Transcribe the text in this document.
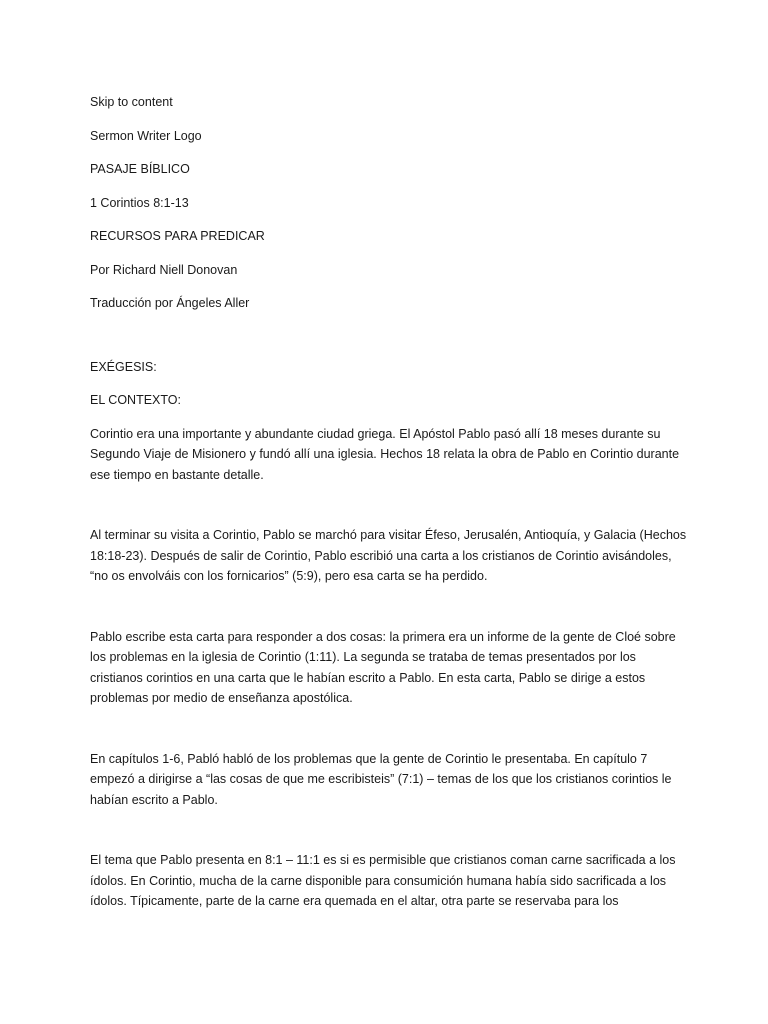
Skip to content

Sermon Writer Logo

PASAJE BÍBLICO

1 Corintios 8:1-13

RECURSOS PARA PREDICAR

Por Richard Niell Donovan

Traducción por Ángeles Aller

EXÉGESIS:

EL CONTEXTO:

Corintio era una importante y abundante ciudad griega. El Apóstol Pablo pasó allí 18 meses durante su Segundo Viaje de Misionero y fundó allí una iglesia. Hechos 18 relata la obra de Pablo en Corintio durante ese tiempo en bastante detalle.

Al terminar su visita a Corintio, Pablo se marchó para visitar Éfeso, Jerusalén, Antioquía, y Galacia (Hechos 18:18-23). Después de salir de Corintio, Pablo escribió una carta a los cristianos de Corintio avisándoles, “no os envolváis con los fornicarios” (5:9), pero esa carta se ha perdido.

Pablo escribe esta carta para responder a dos cosas: la primera era un informe de la gente de Cloé sobre los problemas en la iglesia de Corintio (1:11). La segunda se trataba de temas presentados por los cristianos corintios en una carta que le habían escrito a Pablo. En esta carta, Pablo se dirige a estos problemas por medio de enseñanza apostólica.

En capítulos 1-6, Pabló habló de los problemas que la gente de Corintio le presentaba. En capítulo 7 empezó a dirigirse a “las cosas de que me escribisteis” (7:1) – temas de los que los cristianos corintios le habían escrito a Pablo.

El tema que Pablo presenta en 8:1 – 11:1 es si es permisible que cristianos coman carne sacrificada a los ídolos. En Corintio, mucha de la carne disponible para consumición humana había sido sacrificada a los ídolos. Típicamente, parte de la carne era quemada en el altar, otra parte se reservaba para los
